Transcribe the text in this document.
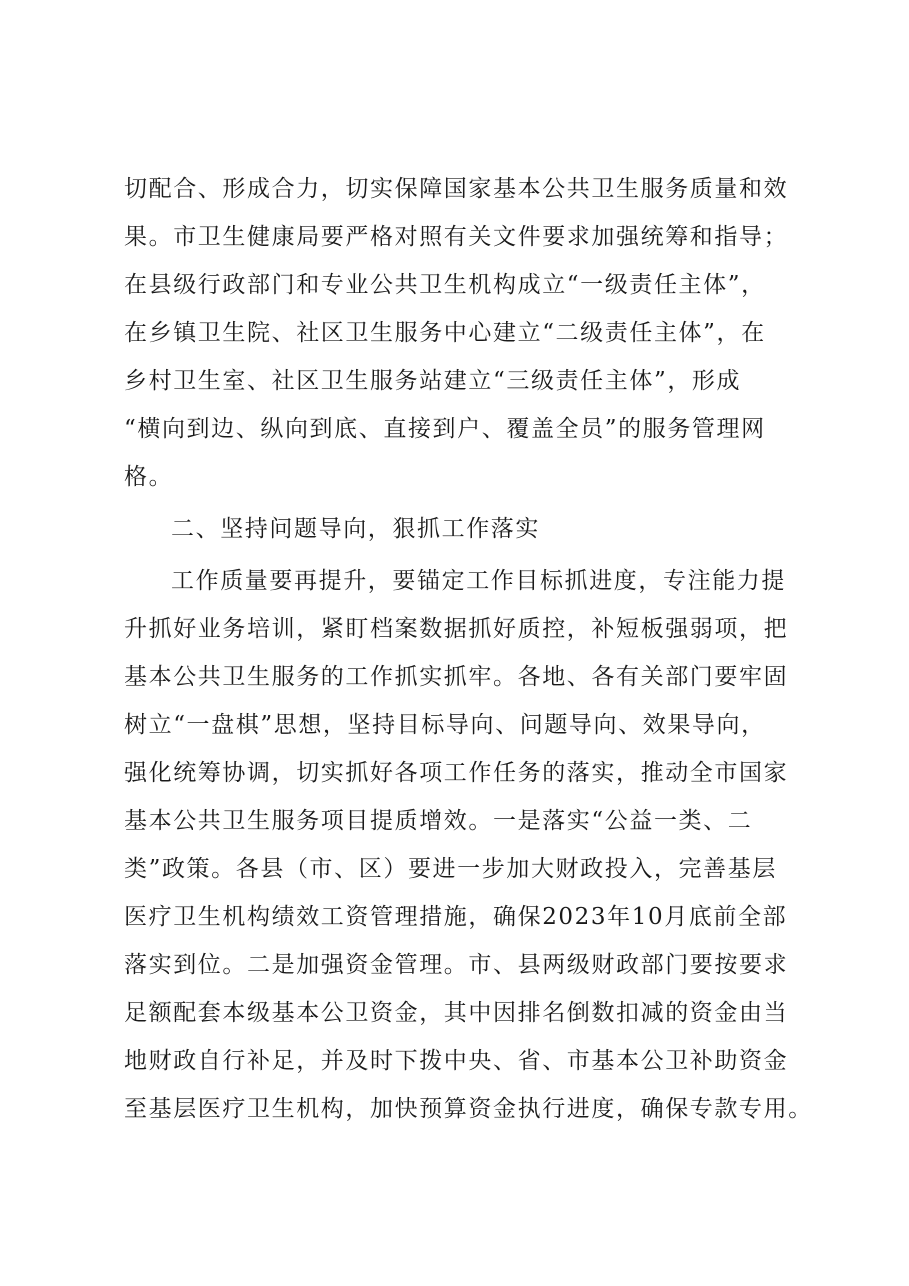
切配合、形成合力，切实保障国家基本公共卫生服务质量和效
果。市卫生健康局要严格对照有关文件要求加强统筹和指导；
在县级行政部门和专业公共卫生机构成立“一级责任主体”，
在乡镇卫生院、社区卫生服务中心建立“二级责任主体”，在
乡村卫生室、社区卫生服务站建立“三级责任主体”，形成
“横向到边、纵向到底、直接到户、覆盖全员”的服务管理网
格。
二、坚持问题导向，狠抓工作落实
工作质量要再提升，要锚定工作目标抓进度，专注能力提
升抓好业务培训，紧盯档案数据抓好质控，补短板强弱项，把
基本公共卫生服务的工作抓实抓牢。各地、各有关部门要牢固
树立“一盘棋”思想，坚持目标导向、问题导向、效果导向，
强化统筹协调，切实抓好各项工作任务的落实，推动全市国家
基本公共卫生服务项目提质增效。一是落实“公益一类、二
类”政策。各县（市、区）要进一步加大财政投入，完善基层
医疗卫生机构绩效工资管理措施，确保2023年10月底前全部
落实到位。二是加强资金管理。市、县两级财政部门要按要求
足额配套本级基本公卫资金，其中因排名倒数扣减的资金由当
地财政自行补足，并及时下拨中央、省、市基本公卫补助资金
至基层医疗卫生机构，加快预算资金执行进度，确保专款专用。
